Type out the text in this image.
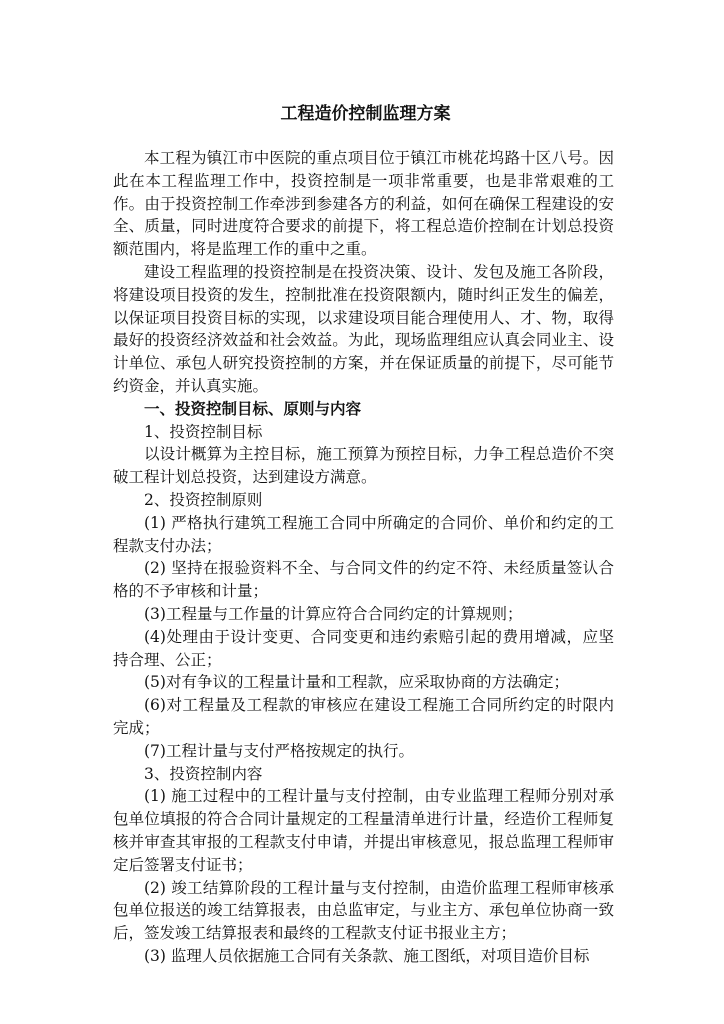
工程造价控制监理方案

本工程为镇江市中医院的重点项目位于镇江市桃花坞路十区八号。因此在本工程监理工作中，投资控制是一项非常重要，也是非常艰难的工作。由于投资控制工作牵涉到参建各方的利益，如何在确保工程建设的安全、质量，同时进度符合要求的前提下，将工程总造价控制在计划总投资额范围内，将是监理工作的重中之重。

建设工程监理的投资控制是在投资决策、设计、发包及施工各阶段，将建设项目投资的发生，控制批准在投资限额内，随时纠正发生的偏差，以保证项目投资目标的实现，以求建设项目能合理使用人、才、物，取得最好的投资经济效益和社会效益。为此，现场监理组应认真会同业主、设计单位、承包人研究投资控制的方案，并在保证质量的前提下，尽可能节约资金，并认真实施。

一、投资控制目标、原则与内容

1、投资控制目标

以设计概算为主控目标，施工预算为预控目标，力争工程总造价不突破工程计划总投资，达到建设方满意。

2、投资控制原则

(1) 严格执行建筑工程施工合同中所确定的合同价、单价和约定的工程款支付办法；

(2) 坚持在报验资料不全、与合同文件的约定不符、未经质量签认合格的不予审核和计量；

(3)工程量与工作量的计算应符合合同约定的计算规则；

(4)处理由于设计变更、合同变更和违约索赔引起的费用增减，应坚持合理、公正；

(5)对有争议的工程量计量和工程款，应采取协商的方法确定；

(6)对工程量及工程款的审核应在建设工程施工合同所约定的时限内完成；

(7)工程计量与支付严格按规定的执行。

3、投资控制内容

(1) 施工过程中的工程计量与支付控制，由专业监理工程师分别对承包单位填报的符合合同计量规定的工程量清单进行计量，经造价工程师复核并审查其审报的工程款支付申请，并提出审核意见，报总监理工程师审定后签署支付证书；

(2) 竣工结算阶段的工程计量与支付控制，由造价监理工程师审核承包单位报送的竣工结算报表，由总监审定，与业主方、承包单位协商一致后，签发竣工结算报表和最终的工程款支付证书报业主方；

(3) 监理人员依据施工合同有关条款、施工图纸，对项目造价目标
